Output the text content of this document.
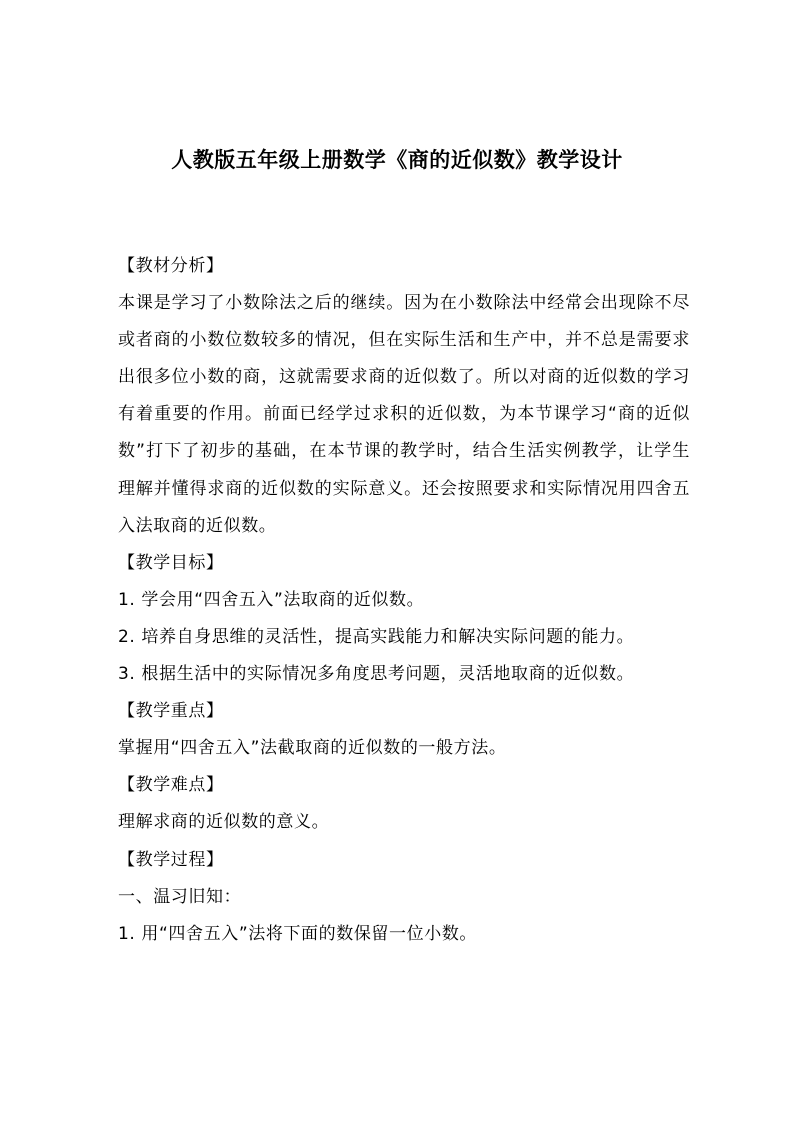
人教版五年级上册数学《商的近似数》教学设计

【教材分析】

本课是学习了小数除法之后的继续。因为在小数除法中经常会出现除不尽或者商的小数位数较多的情况，但在实际生活和生产中，并不总是需要求出很多位小数的商，这就需要求商的近似数了。所以对商的近似数的学习有着重要的作用。前面已经学过求积的近似数，为本节课学习“商的近似数”打下了初步的基础，在本节课的教学时，结合生活实例教学，让学生理解并懂得求商的近似数的实际意义。还会按照要求和实际情况用四舍五入法取商的近似数。

【教学目标】

1. 学会用“四舍五入”法取商的近似数。

2. 培养自身思维的灵活性，提高实践能力和解决实际问题的能力。

3. 根据生活中的实际情况多角度思考问题，灵活地取商的近似数。

【教学重点】

掌握用“四舍五入”法截取商的近似数的一般方法。

【教学难点】

理解求商的近似数的意义。

【教学过程】

一、温习旧知：

1. 用“四舍五入”法将下面的数保留一位小数。
